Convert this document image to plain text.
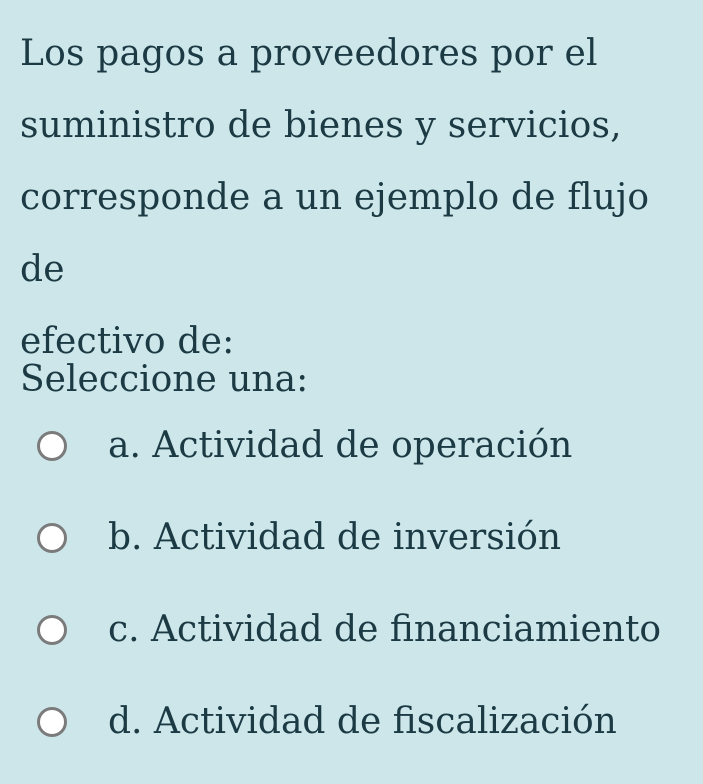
Los pagos a proveedores por el

suministro de bienes y servicios,

corresponde a un ejemplo de flujo de

efectivo de:

Seleccione una:
a. Actividad de operación
b. Actividad de inversión
c. Actividad de financiamiento
d. Actividad de fiscalización
